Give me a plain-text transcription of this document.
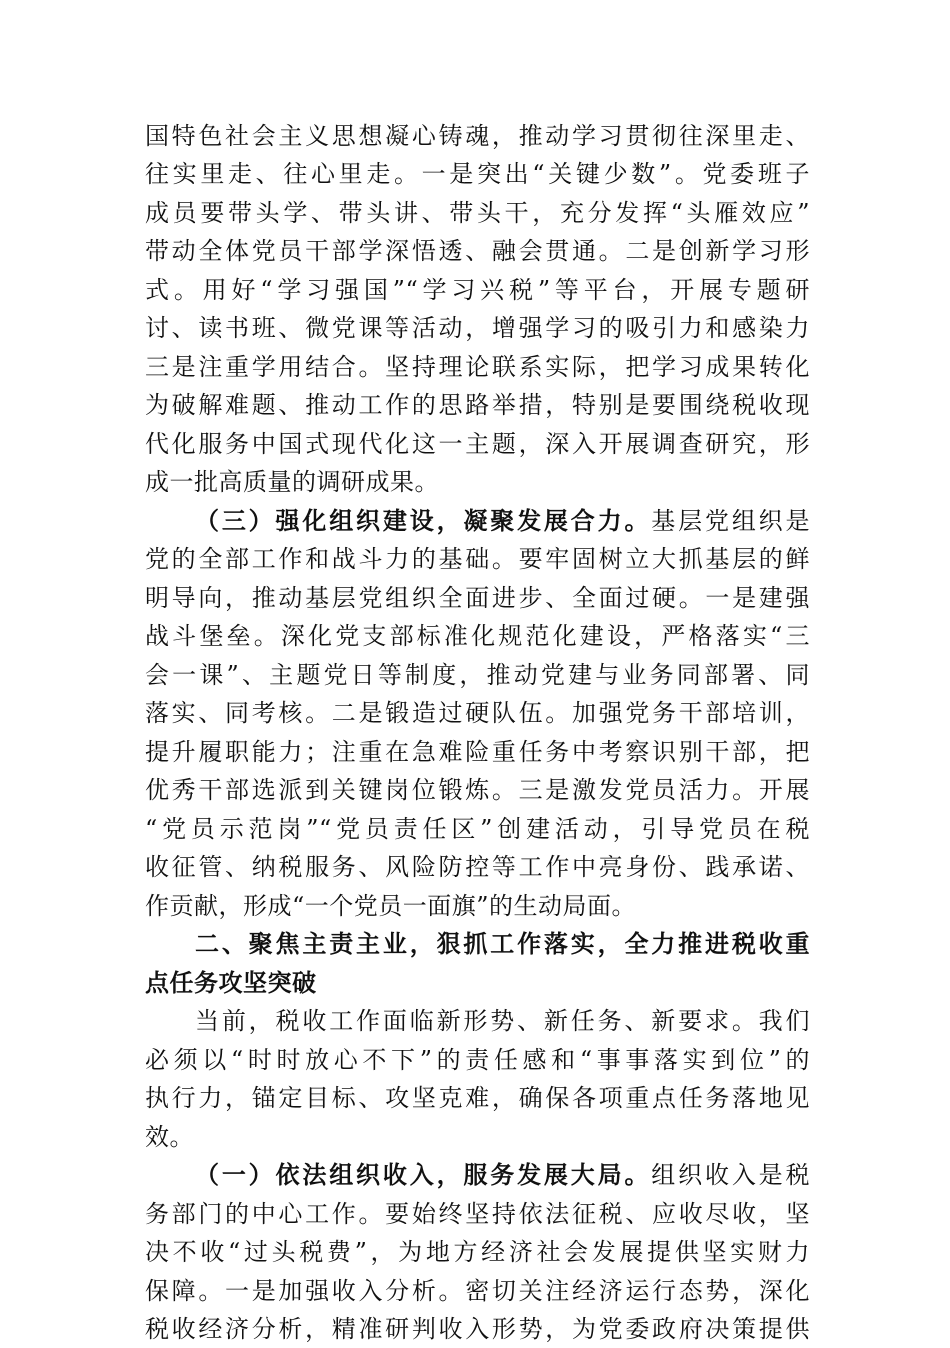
国特色社会主义思想凝心铸魂，推动学习贯彻往深里走、
往实里走、往心里走。一是突出“关键少数”。党委班子
成员要带头学、带头讲、带头干，充分发挥“头雁效应”
带动全体党员干部学深悟透、融会贯通。二是创新学习形
式。用好“学习强国”“学习兴税”等平台，开展专题研
讨、读书班、微党课等活动，增强学习的吸引力和感染力
三是注重学用结合。坚持理论联系实际，把学习成果转化
为破解难题、推动工作的思路举措，特别是要围绕税收现
代化服务中国式现代化这一主题，深入开展调查研究，形
成一批高质量的调研成果。
（三）强化组织建设，凝聚发展合力。基层党组织是
党的全部工作和战斗力的基础。要牢固树立大抓基层的鲜
明导向，推动基层党组织全面进步、全面过硬。一是建强
战斗堡垒。深化党支部标准化规范化建设，严格落实“三
会一课”、主题党日等制度，推动党建与业务同部署、同
落实、同考核。二是锻造过硬队伍。加强党务干部培训，
提升履职能力；注重在急难险重任务中考察识别干部，把
优秀干部选派到关键岗位锻炼。三是激发党员活力。开展
“党员示范岗”“党员责任区”创建活动，引导党员在税
收征管、纳税服务、风险防控等工作中亮身份、践承诺、
作贡献，形成“一个党员一面旗”的生动局面。
二、聚焦主责主业，狠抓工作落实，全力推进税收重
点任务攻坚突破
当前，税收工作面临新形势、新任务、新要求。我们
必须以“时时放心不下”的责任感和“事事落实到位”的
执行力，锚定目标、攻坚克难，确保各项重点任务落地见
效。
（一）依法组织收入，服务发展大局。组织收入是税
务部门的中心工作。要始终坚持依法征税、应收尽收，坚
决不收“过头税费”，为地方经济社会发展提供坚实财力
保障。一是加强收入分析。密切关注经济运行态势，深化
税收经济分析，精准研判收入形势，为党委政府决策提供
